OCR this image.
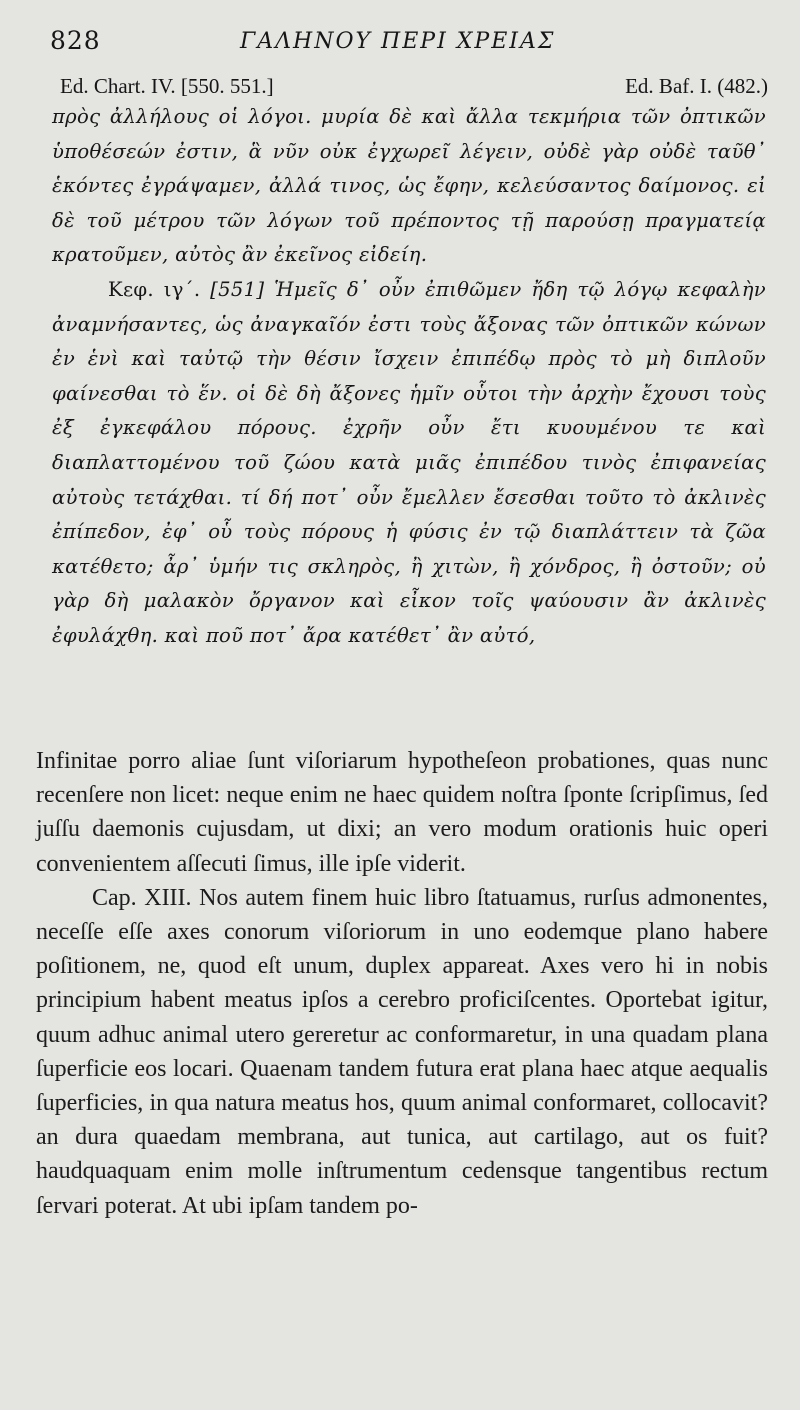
828	ΓΑΛΗΝΟΥ ΠΕΡΙ ΧΡΕΙΑΣ
Ed. Chart. IV. [550. 551.]	Ed. Baf. I. (482.)

πρὸς ἀλλήλους οἱ λόγοι. μυρία δὲ καὶ ἄλλα τεκμήρια τῶν ὀπτικῶν ὑποθέσεών ἐστιν, ἃ νῦν οὐκ ἐγχωρεῖ λέγειν, οὐδὲ γὰρ οὐδὲ ταῦθ᾽ ἑκόντες ἐγράψαμεν, ἀλλά τινος, ὡς ἔφην, κελεύσαντος δαίμονος. εἰ δὲ τοῦ μέτρου τῶν λόγων τοῦ πρέποντος τῇ παρούσῃ πραγματείᾳ κρατοῦμεν, αὐτὸς ἂν ἐκεῖνος εἰδείη.

Κεφ. ιγ΄. [551] Ἡμεῖς δ᾽ οὖν ἐπιθῶμεν ἤδη τῷ λόγῳ κεφαλὴν ἀναμνήσαντες, ὡς ἀναγκαῖόν ἐστι τοὺς ἄξονας τῶν ὀπτικῶν κώνων ἐν ἑνὶ καὶ ταὐτῷ τὴν θέσιν ἴσχειν ἐπιπέδῳ πρὸς τὸ μὴ διπλοῦν φαίνεσθαι τὸ ἕν. οἱ δὲ δὴ ἄξονες ἡμῖν οὗτοι τὴν ἀρχὴν ἔχουσι τοὺς ἐξ ἐγκεφάλου πόρους. ἐχρῆν οὖν ἔτι κυουμένου τε καὶ διαπλαττομένου τοῦ ζώου κατὰ μιᾶς ἐπιπέδου τινὸς ἐπιφανείας αὐτοὺς τετάχθαι. τί δή ποτ᾽ οὖν ἔμελλεν ἔσεσθαι τοῦτο τὸ ἀκλινὲς ἐπίπεδον, ἐφ᾽ οὗ τοὺς πόρους ἡ φύσις ἐν τῷ διαπλάττειν τὰ ζῶα κατέθετο; ἆρ᾽ ὑμήν τις σκληρὸς, ἢ χιτὼν, ἢ χόνδρος, ἢ ὀστοῦν; οὐ γὰρ δὴ μαλακὸν ὄργανον καὶ εἶκον τοῖς ψαύουσιν ἂν ἀκλινὲς ἐφυλάχθη. καὶ ποῦ ποτ᾽ ἄρα κατέθετ᾽ ἂν αὐτό,

Infinitae porro aliae ſunt viſoriarum hypotheſeon probationes, quas nunc recenſere non licet: neque enim ne haec quidem noſtra ſponte ſcripſimus, ſed juſſu daemonis cujusdam, ut dixi; an vero modum orationis huic operi convenientem aſſecuti ſimus, ille ipſe viderit.

Cap. XIII. Nos autem finem huic libro ſtatuamus, rurſus admonentes, neceſſe eſſe axes conorum viſoriorum in uno eodemque plano habere poſitionem, ne, quod eſt unum, duplex appareat. Axes vero hi in nobis principium habent meatus ipſos a cerebro proficiſcentes. Oportebat igitur, quum adhuc animal utero gereretur ac conformaretur, in una quadam plana ſuperficie eos locari. Quaenam tandem futura erat plana haec atque aequalis ſuperficies, in qua natura meatus hos, quum animal conformaret, collocavit? an dura quaedam membrana, aut tunica, aut cartilago, aut os fuit? haudquaquam enim molle inſtrumentum cedensque tangentibus rectum ſervari poterat. At ubi ipſam tandem po-
